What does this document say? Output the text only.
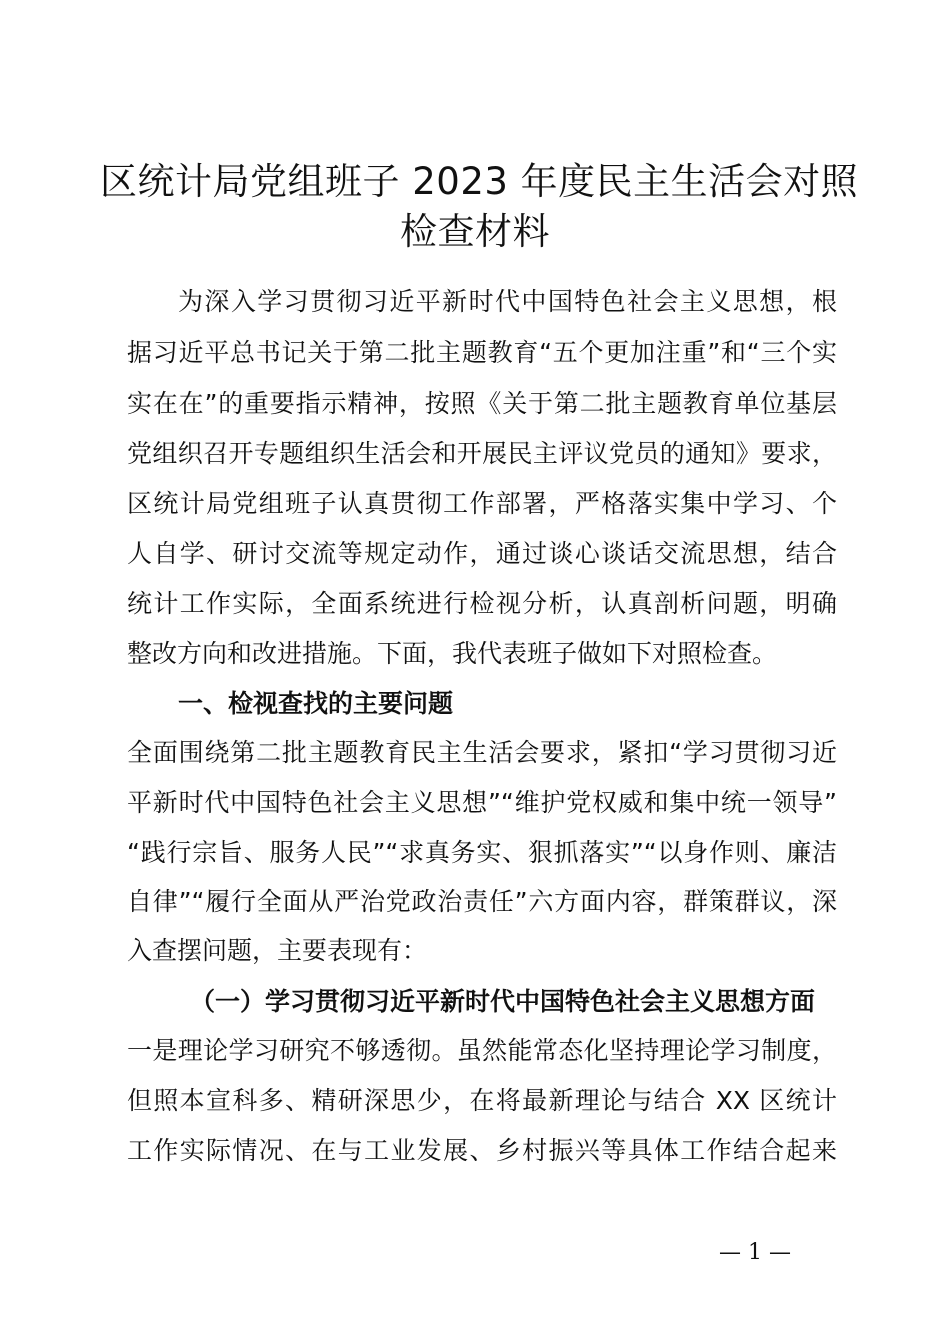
区统计局党组班子 2023 年度民主生活会对照
检查材料
为深入学习贯彻习近平新时代中国特色社会主义思想，根
据习近平总书记关于第二批主题教育“五个更加注重”和“三个实
实在在”的重要指示精神，按照《关于第二批主题教育单位基层
党组织召开专题组织生活会和开展民主评议党员的通知》要求，
区统计局党组班子认真贯彻工作部署，严格落实集中学习、个
人自学、研讨交流等规定动作，通过谈心谈话交流思想，结合
统计工作实际，全面系统进行检视分析，认真剖析问题，明确
整改方向和改进措施。下面，我代表班子做如下对照检查。
一、检视查找的主要问题
全面围绕第二批主题教育民主生活会要求，紧扣“学习贯彻习近
平新时代中国特色社会主义思想”“维护党权威和集中统一领导”
“践行宗旨、服务人民”“求真务实、狠抓落实”“以身作则、廉洁
自律”“履行全面从严治党政治责任”六方面内容，群策群议，深
入查摆问题，主要表现有：
（一）学习贯彻习近平新时代中国特色社会主义思想方面
一是理论学习研究不够透彻。虽然能常态化坚持理论学习制度，
但照本宣科多、精研深思少，在将最新理论与结合 XX 区统计
工作实际情况、在与工业发展、乡村振兴等具体工作结合起来
— 1 —
